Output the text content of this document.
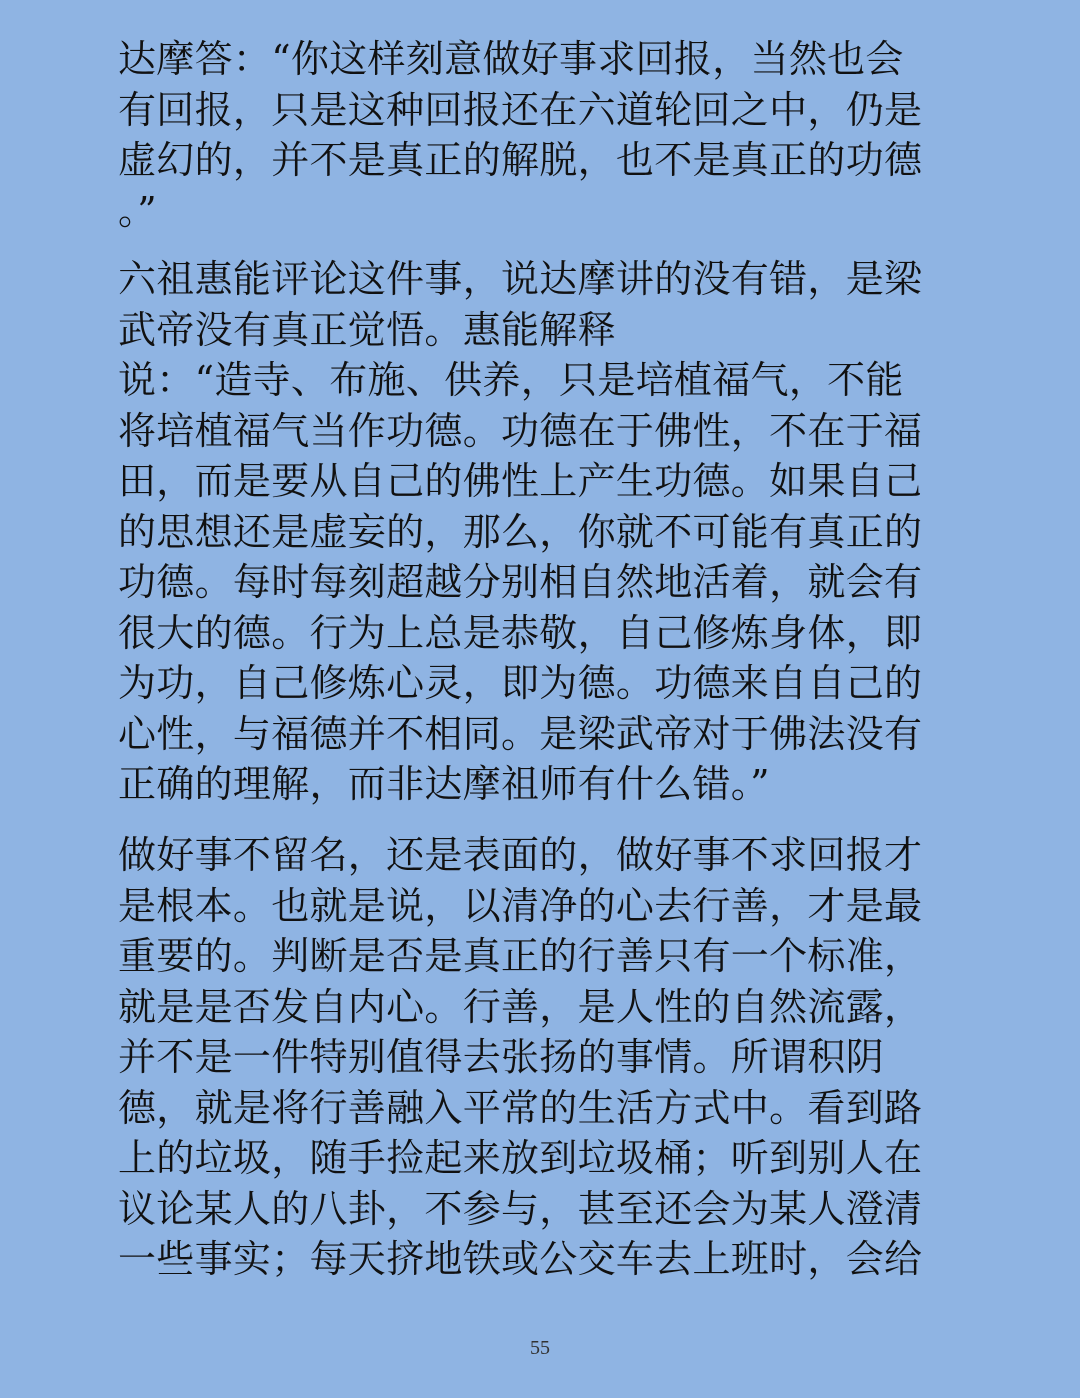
达摩答：“你这样刻意做好事求回报，当然也会
有回报，只是这种回报还在六道轮回之中，仍是
虚幻的，并不是真正的解脱，也不是真正的功德
。”
六祖惠能评论这件事，说达摩讲的没有错，是梁
武帝没有真正觉悟。惠能解释
说：“造寺、布施、供养，只是培植福气，不能
将培植福气当作功德。功德在于佛性，不在于福
田，而是要从自己的佛性上产生功德。如果自己
的思想还是虚妄的，那么，你就不可能有真正的
功德。每时每刻超越分别相自然地活着，就会有
很大的德。行为上总是恭敬，自己修炼身体，即
为功，自己修炼心灵，即为德。功德来自自己的
心性，与福德并不相同。是梁武帝对于佛法没有
正确的理解，而非达摩祖师有什么错。”
做好事不留名，还是表面的，做好事不求回报才
是根本。也就是说，以清净的心去行善，才是最
重要的。判断是否是真正的行善只有一个标准，
就是是否发自内心。行善，是人性的自然流露，
并不是一件特别值得去张扬的事情。所谓积阴
德，就是将行善融入平常的生活方式中。看到路
上的垃圾，随手捡起来放到垃圾桶；听到别人在
议论某人的八卦，不参与，甚至还会为某人澄清
一些事实；每天挤地铁或公交车去上班时，会给
55
